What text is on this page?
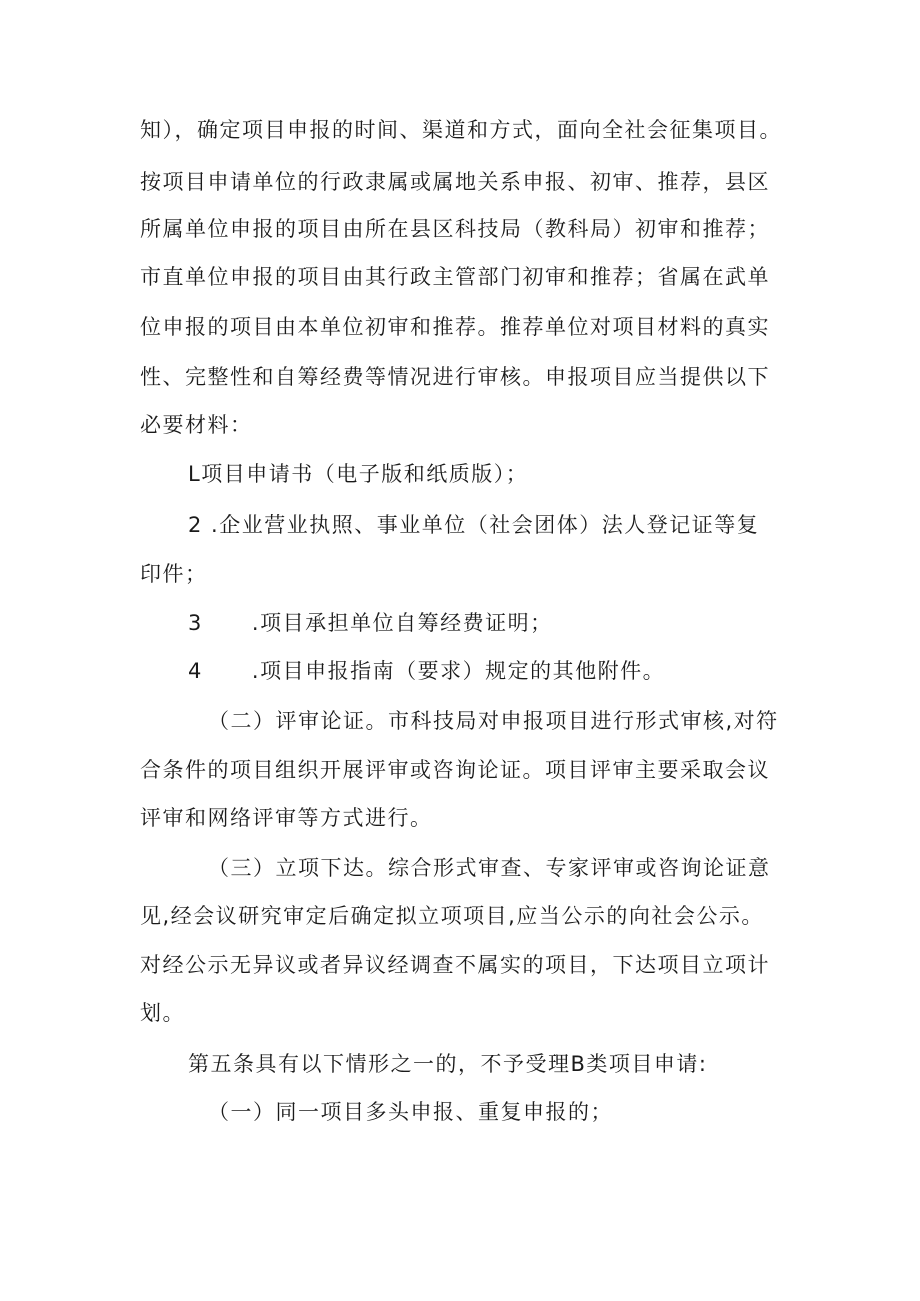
知），确定项目申报的时间、渠道和方式，面向全社会征集项目。
按项目申请单位的行政隶属或属地关系申报、初审、推荐，县区
所属单位申报的项目由所在县区科技局（教科局）初审和推荐；
市直单位申报的项目由其行政主管部门初审和推荐；省属在武单
位申报的项目由本单位初审和推荐。推荐单位对项目材料的真实
性、完整性和自筹经费等情况进行审核。申报项目应当提供以下
必要材料：
L项目申请书（电子版和纸质版）；
2 .企业营业执照、事业单位（社会团体）法人登记证等复
印件；
3      .项目承担单位自筹经费证明；
4      .项目申报指南（要求）规定的其他附件。
（二）评审论证。市科技局对申报项目进行形式审核,对符
合条件的项目组织开展评审或咨询论证。项目评审主要采取会议
评审和网络评审等方式进行。
（三）立项下达。综合形式审查、专家评审或咨询论证意
见,经会议研究审定后确定拟立项项目,应当公示的向社会公示。
对经公示无异议或者异议经调查不属实的项目，下达项目立项计
划。
第五条具有以下情形之一的，不予受理B类项目申请:
（一）同一项目多头申报、重复申报的；
